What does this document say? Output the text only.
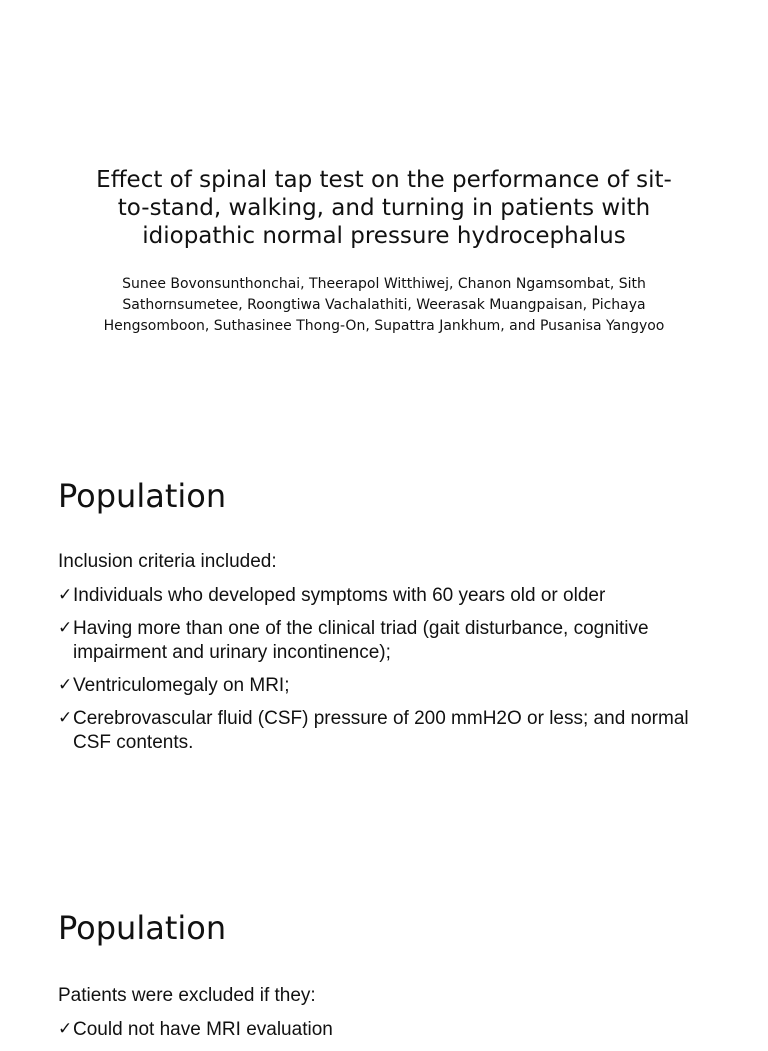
Effect of spinal tap test on the performance of sit-to-stand, walking, and turning in patients with idiopathic normal pressure hydrocephalus

Sunee Bovonsunthonchai, Theerapol Witthiwej, Chanon Ngamsombat, Sith Sathornsumetee, Roongtiwa Vachalathiti, Weerasak Muangpaisan, Pichaya Hengsomboon, Suthasinee Thong-On, Supattra Jankhum, and Pusanisa Yangyoo

Population

Inclusion criteria included:

✓ Individuals who developed symptoms with 60 years old or older
✓ Having more than one of the clinical triad (gait disturbance, cognitive impairment and urinary incontinence);
✓ Ventriculomegaly on MRI;
✓ Cerebrovascular fluid (CSF) pressure of 200 mmH2O or less; and normal CSF contents.
Population

Patients were excluded if they:

✓ Could not have MRI evaluation
